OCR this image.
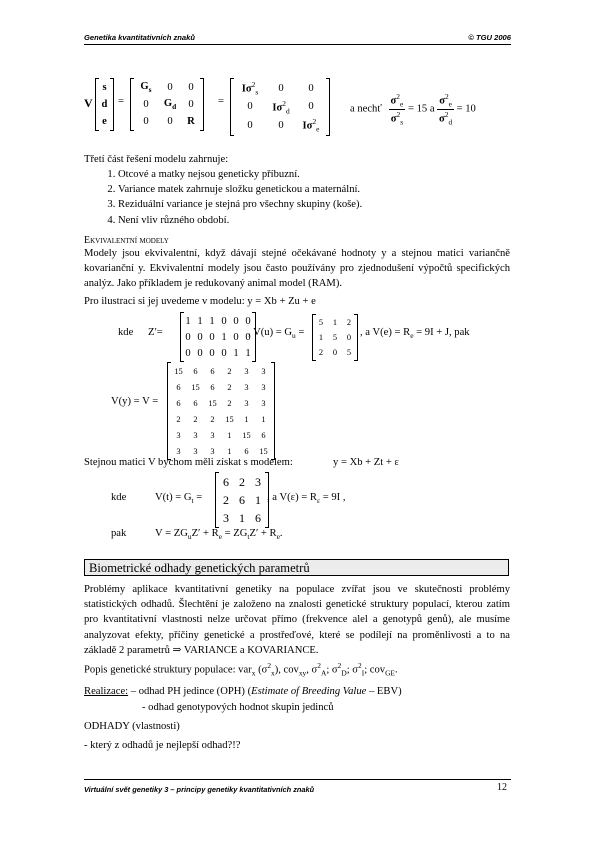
Genetika kvantitativních znaků	© TGU 2006
V
s
d
e
=
$G_s$	0	0
0	$G_d$	0
0	0	R
=
$I\sigma^2_s$	0	0
0	$I\sigma^2_d$	0
0	0	$I\sigma^2_e$
a nechť $\frac{\sigma^2_e}{\sigma^2_s} = 15$ a $\frac{\sigma^2_e}{\sigma^2_d} = 10$
Třetí část řešení modelu zahrnuje:
1. Otcové a matky nejsou geneticky příbuzní.
2. Variance matek zahrnuje složku genetickou a maternální.
3. Reziduální variance je stejná pro všechny skupiny (koše).
4. Není vliv různého období.
Ekvivalentní modely
Modely jsou ekvivalentní, když dávají stejné očekávané hodnoty y a stejnou matici variančně kovarianční y. Ekvivalentní modely jsou často používány pro zjednodušení výpočtů specifických analýz. Jako příkladem je redukovaný animal model (RAM).
Pro ilustraci si jej uvedeme v modelu: y = Xb + Zu + e
kde Z′=
1	1	1	0	0	0
0	0	0	1	0	0
0	0	0	0	1	1
, $V(u) = G_u$ =
5	1	2
1	5	0
2	0	5
, a $V(e) = R_e = 9I + J$, pak
V(y) = V =
15	6	6	2	3	3
6	15	6	2	3	3
6	6	15	2	3	3
2	2	2	15	1	1
3	3	3	1	15	6
3	3	3	1	6	15
Stejnou matici V bychom měli získat s modelem:	y = Xb + Zt + ε
kde	$V(t) = G_t$ =
6	2	3
2	6	1
3	1	6
, a $V(\varepsilon) = R_\varepsilon = 9I$ ,
pak	$V = ZG_uZ' + R_e = ZG_tZ' + R_e$.
Biometrické odhady genetických parametrů
Problémy aplikace kvantitativní genetiky na populace zvířat jsou ve skutečnosti problémy statistických odhadů. Šlechtění je založeno na znalosti genetické struktury populací, kterou zatím pro kvantitativní vlastnosti nelze určovat přímo (frekvence alel a genotypů genů), ale musíme analyzovat efekty, příčiny genetické a prostřeďové, které se podílejí na proměnlivosti a to na základě 2 parametrů ⇒ VARIANCE a KOVARIANCE.
Popis genetické struktury populace: var$_x$ $(\sigma^2_x)$, cov$_{xy}$, $\sigma^2_A$; $\sigma^2_D$; $\sigma^2_I$; cov$_{GE}$.
Realizace: – odhad PH jedince (OPH) (Estimate of Breeding Value – EBV)
- odhad genotypových hodnot skupin jedinců
ODHADY (vlastnosti)
- který z odhadů je nejlepší odhad?!?
Virtuální svět genetiky 3 – principy genetiky kvantitativních znaků	12
